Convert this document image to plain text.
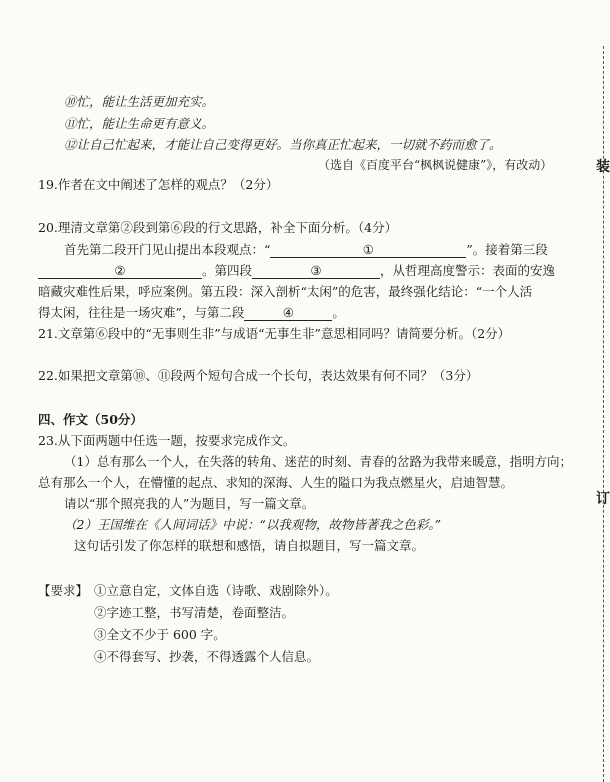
⑩忙，能让生活更加充实。
⑪忙，能让生命更有意义。
⑫让自己忙起来，才能让自己变得更好。当你真正忙起来，一切就不药而愈了。
（选自《百度平台“枫枫说健康”》，有改动）
19.作者在文中阐述了怎样的观点？（2分）
20.理清文章第②段到第⑥段的行文思路，补全下面分析。（4分）
首先第二段开门见山提出本段观点：“	①	”。接着第三段
②	。第四段	③	，从哲理高度警示：表面的安逸
暗藏灾难性后果，呼应案例。第五段：深入剖析“太闲”的危害，最终强化结论：“一个人活
得太闲，往往是一场灾难”，与第二段	④	。
21.文章第⑥段中的“无事则生非”与成语“无事生非”意思相同吗？请简要分析。（2分）
22.如果把文章第⑩、⑪段两个短句合成一个长句，表达效果有何不同？（3分）
四、作文（50分）
23.从下面两题中任选一题，按要求完成作文。
（1）总有那么一个人，在失落的转角、迷茫的时刻、青春的岔路为我带来暖意，指明方向；
总有那么一个人，在懵懂的起点、求知的深海、人生的隘口为我点燃星火，启迪智慧。
请以“那个照亮我的人”为题目，写一篇文章。
（2）王国维在《人间词话》中说：“以我观物，故物皆著我之色彩。”
这句话引发了你怎样的联想和感悟，请自拟题目，写一篇文章。
【要求】 ①立意自定，文体自选（诗歌、戏剧除外）。
②字迹工整，书写清楚，卷面整洁。
③全文不少于 600 字。
④不得套写、抄袭，不得透露个人信息。
装
订
